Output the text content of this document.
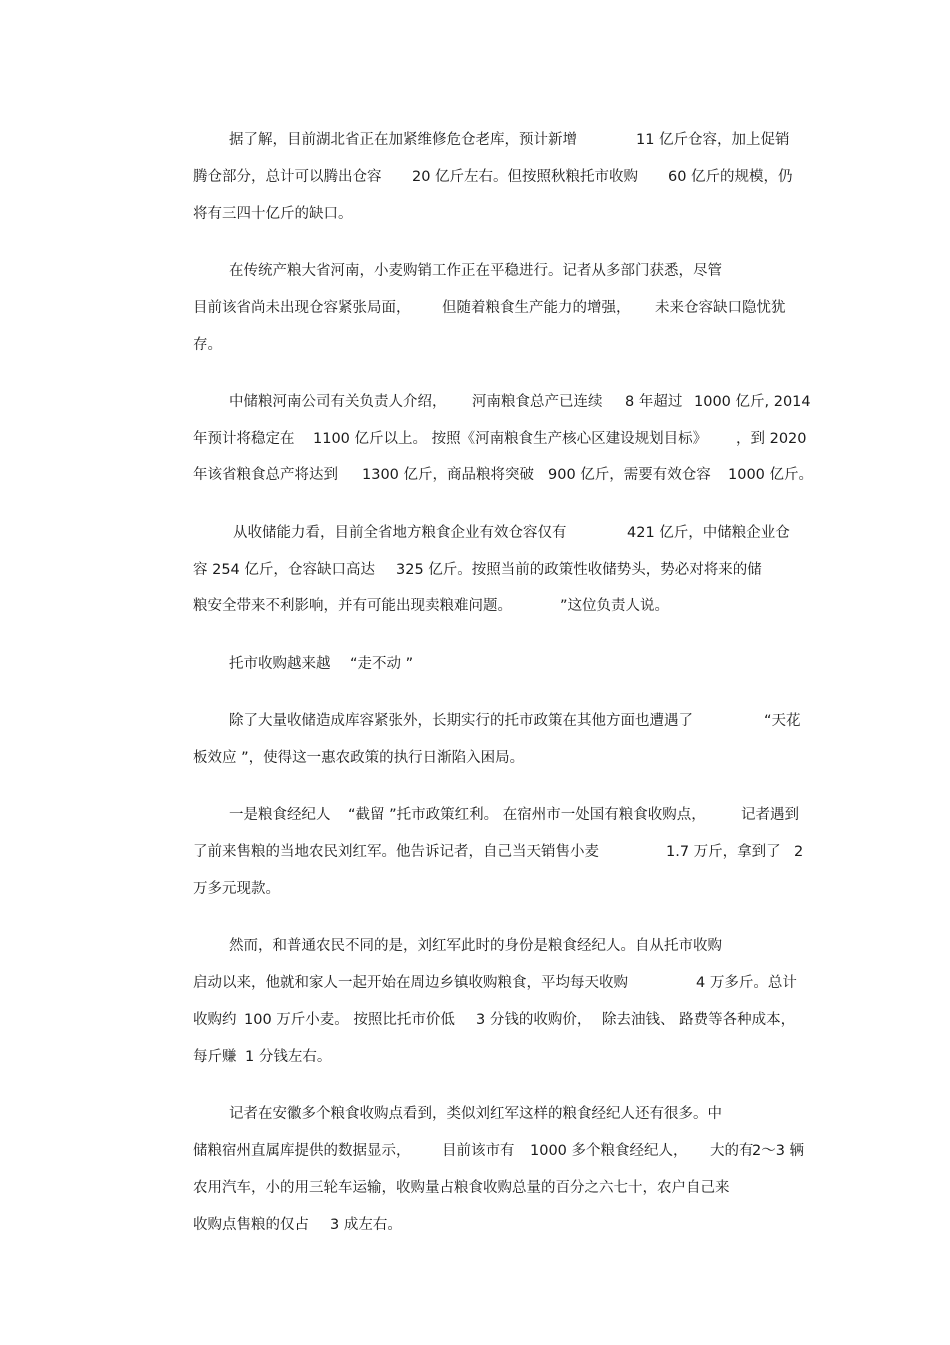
据了解，目前湖北省正在加紧维修危仓老库，预计新增	11 亿斤仓容，加上促销
腾仓部分，总计可以腾出仓容 20 亿斤左右。但按照秋粮托市收购 60 亿斤的规模，仍
将有三四十亿斤的缺口。
在传统产粮大省河南，小麦购销工作正在平稳进行。记者从多部门获悉，尽管
目前该省尚未出现仓容紧张局面， 但随着粮食生产能力的增强， 未来仓容缺口隐忧犹
存。
中储粮河南公司有关负责人介绍， 河南粮食总产已连续 8 年超过 1000 亿斤, 2014
年预计将稳定在 1100 亿斤以上。 按照《河南粮食生产核心区建设规划目标》 ，到 2020
年该省粮食总产将达到 1300 亿斤，商品粮将突破 900 亿斤，需要有效仓容 1000 亿斤。
从收储能力看，目前全省地方粮食企业有效仓容仅有	421 亿斤，中储粮企业仓
容 254 亿斤， 仓容缺口高达 325 亿斤。按照当前的政策性收储势头，势必对将来的储
粮安全带来不利影响，并有可能出现卖粮难问题。	”这位负责人说。
托市收购越来越 “走不动 ”
除了大量收储造成库容紧张外，长期实行的托市政策在其他方面也遭遇了	“天花
板效应 ”，使得这一惠农政策的执行日渐陷入困局。
一是粮食经纪人 “截留 ”托市政策红利。 在宿州市一处国有粮食收购点， 记者遇到
了前来售粮的当地农民刘红军。他告诉记者，自己当天销售小麦	1.7 万斤，拿到了 2
万多元现款。
然而，和普通农民不同的是，刘红军此时的身份是粮食经纪人。自从托市收购
启动以来，他就和家人一起开始在周边乡镇收购粮食，平均每天收购	4 万多斤。总计
收购约 100 万斤小麦。 按照比托市价低 3 分钱的收购价， 除去油钱、 路费等各种成本，
每斤赚 1 分钱左右。
记者在安徽多个粮食收购点看到，类似刘红军这样的粮食经纪人还有很多。中
储粮宿州直属库提供的数据显示， 目前该市有 1000 多个粮食经纪人， 大的有
2～3 辆
农用汽车，小的用三轮车运输，收购量占粮食收购总量的百分之六七十，农户自己来
收购点售粮的仅占 3 成左右。
